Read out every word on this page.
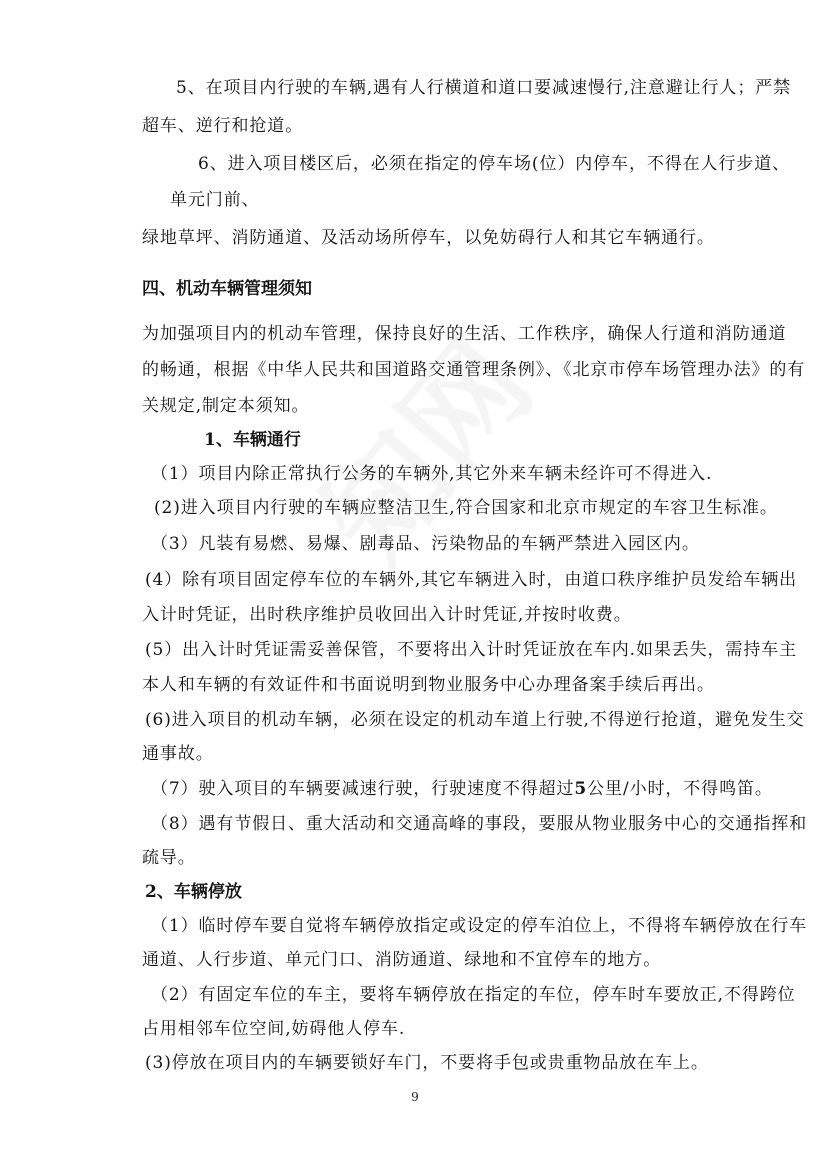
5、在项目内行驶的车辆,遇有人行横道和道口要减速慢行,注意避让行人；严禁

超车、逆行和抢道。

6、进入项目楼区后，必须在指定的停车场(位）内停车，不得在人行步道、

单元门前、

绿地草坪、消防通道、及活动场所停车，以免妨碍行人和其它车辆通行。

四、机动车辆管理须知

为加强项目内的机动车管理，保持良好的生活、工作秩序，确保人行道和消防通道

的畅通，根据《中华人民共和国道路交通管理条例》、《北京市停车场管理办法》的有

关规定,制定本须知。

1、车辆通行

（1）项目内除正常执行公务的车辆外,其它外来车辆未经许可不得进入.

(2)进入项目内行驶的车辆应整洁卫生,符合国家和北京市规定的车容卫生标准。

（3）凡装有易燃、易爆、剧毒品、污染物品的车辆严禁进入园区内。

(4）除有项目固定停车位的车辆外,其它车辆进入时，由道口秩序维护员发给车辆出

入计时凭证，出时秩序维护员收回出入计时凭证,并按时收费。

(5）出入计时凭证需妥善保管，不要将出入计时凭证放在车内.如果丢失，需持车主

本人和车辆的有效证件和书面说明到物业服务中心办理备案手续后再出。

(6)进入项目的机动车辆，必须在设定的机动车道上行驶,不得逆行抢道，避免发生交

通事故。

（7）驶入项目的车辆要减速行驶，行驶速度不得超过5公里/小时，不得鸣笛。

（8）遇有节假日、重大活动和交通高峰的事段，要服从物业服务中心的交通指挥和

疏导。

2、车辆停放

（1）临时停车要自觉将车辆停放指定或设定的停车泊位上，不得将车辆停放在行车

通道、人行步道、单元门口、消防通道、绿地和不宜停车的地方。

（2）有固定车位的车主，要将车辆停放在指定的车位，停车时车要放正,不得跨位

占用相邻车位空间,妨碍他人停车.

(3)停放在项目内的车辆要锁好车门，不要将手包或贵重物品放在车上。

9
